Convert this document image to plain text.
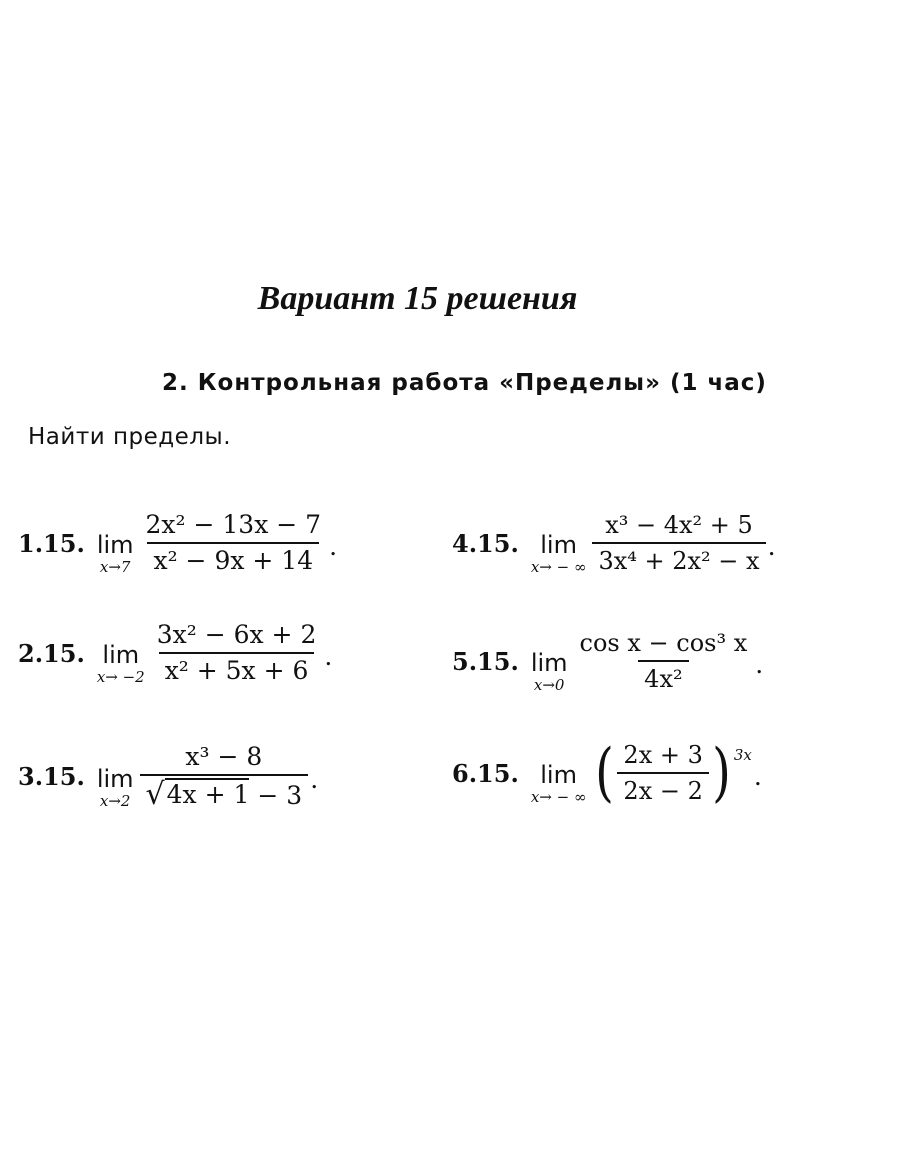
Вариант 15 решения
2. Контрольная работа «Пределы» (1 час)
Найти пределы.
1.15. lim
$x\to 7 \frac{\text{2x² − 13x − 7}}{\text{x² − 9x + 14}}$ .
2.15. lim
$x\to -2 \frac{\text{3x² − 6x + 2}}{\text{x² + 5x + 6}}$ .
3.15. lim
$x\to 2 \frac{\text{x³ − 8}}{√ 4x + 1 - 3}$ .
4.15. lim
x→ − ∞ $\frac{\text{x³ − 4x² + 5}}{\text{3x⁴ + 2x² − x}}$ .
5.15. lim
$x\to 0 \frac{\text{cos x − cos³ x}}{\text{4x²}}$ .
6.15. lim
x→ − ∞ ( $\frac{2x + 3}{2x - 2}$ ) 3x
.
